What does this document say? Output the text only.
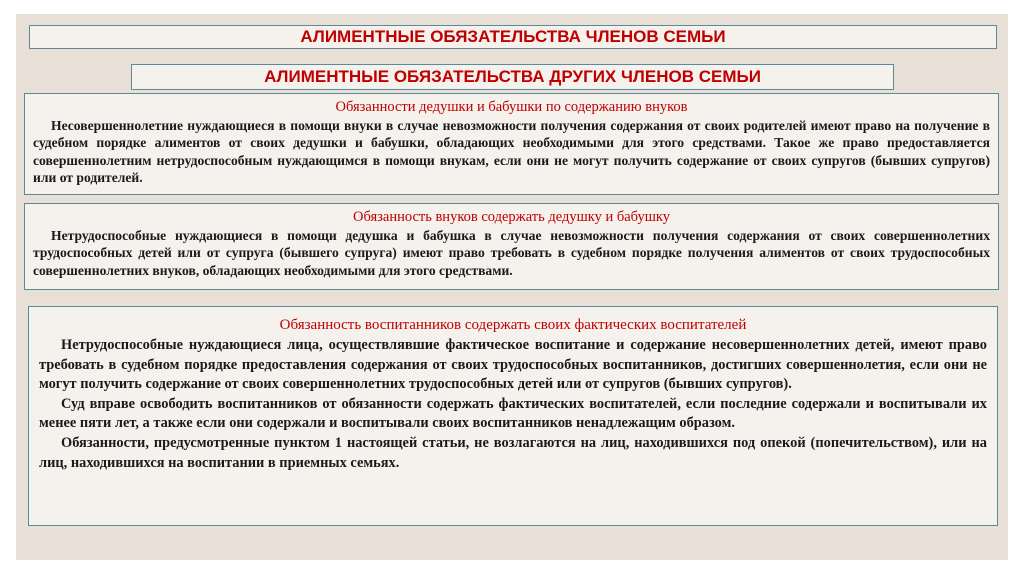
АЛИМЕНТНЫЕ ОБЯЗАТЕЛЬСТВА ЧЛЕНОВ СЕМЬИ
АЛИМЕНТНЫЕ ОБЯЗАТЕЛЬСТВА ДРУГИХ ЧЛЕНОВ СЕМЬИ
Обязанности дедушки и бабушки по содержанию внуков

Несовершеннолетние нуждающиеся в помощи внуки в случае невозможности получения содержания от своих родителей имеют право на получение в судебном порядке алиментов от своих дедушки и бабушки, обладающих необходимыми для этого средствами. Такое же право предоставляется совершеннолетним нетрудоспособным нуждающимся в помощи внукам, если они не могут получить содержание от своих супругов (бывших супругов) или от родителей.

Обязанность внуков содержать дедушку и бабушку

Нетрудоспособные нуждающиеся в помощи дедушка и бабушка в случае невозможности получения содержания от своих совершеннолетних трудоспособных детей или от супруга (бывшего супруга) имеют право требовать в судебном порядке получения алиментов от своих трудоспособных совершеннолетних внуков, обладающих необходимыми для этого средствами.

Обязанность воспитанников содержать своих фактических воспитателей

Нетрудоспособные нуждающиеся лица, осуществлявшие фактическое воспитание и содержание несовершеннолетних детей, имеют право требовать в судебном порядке предоставления содержания от своих трудоспособных воспитанников, достигших совершеннолетия, если они не могут получить содержание от своих совершеннолетних трудоспособных детей или от супругов (бывших супругов).

Суд вправе освободить воспитанников от обязанности содержать фактических воспитателей, если последние содержали и воспитывали их менее пяти лет, а также если они содержали и воспитывали своих воспитанников ненадлежащим образом.

Обязанности, предусмотренные пунктом 1 настоящей статьи, не возлагаются на лиц, находившихся под опекой (попечительством), или на лиц, находившихся на воспитании в приемных семьях.
